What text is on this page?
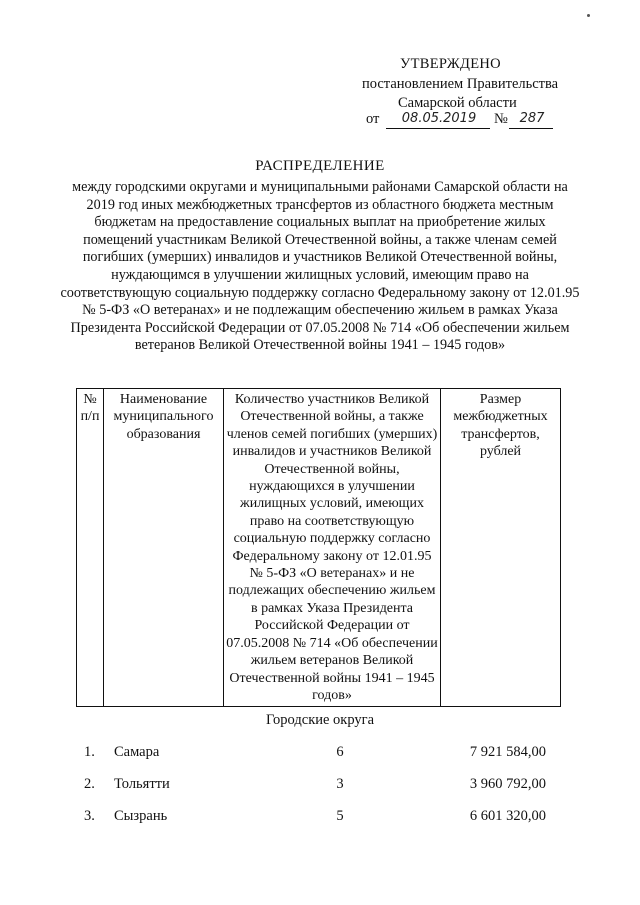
УТВЕРЖДЕНО
постановлением Правительства
Самарской области
от	08.05.2019	№ 287
РАСПРЕДЕЛЕНИЕ
между городскими округами и муниципальными районами Самарской области на 2019 год иных межбюджетных трансфертов из областного бюджета местным бюджетам на предоставление социальных выплат на приобретение жилых помещений участникам Великой Отечественной войны, а также членам семей погибших (умерших) инвалидов и участников Великой Отечественной войны, нуждающимся в улучшении жилищных условий, имеющим право на соответствующую социальную поддержку согласно Федеральному закону от 12.01.95 № 5-ФЗ «О ветеранах» и не подлежащим обеспечению жильем в рамках Указа Президента Российской Федерации от 07.05.2008 № 714 «Об обеспечении жильем ветеранов Великой Отечественной войны 1941 – 1945 годов»
№ п/п	Наименование муниципального образования	Количество участников Великой Отечественной войны, а также членов семей погибших (умерших) инвалидов и участников Великой Отечественной войны, нуждающихся в улучшении жилищных условий, имеющих право на соответствующую социальную поддержку согласно Федеральному закону от 12.01.95 № 5-ФЗ «О ветеранах» и не подлежащих обеспечению жильем в рамках Указа Президента Российской Федерации от 07.05.2008 № 714 «Об обеспечении жильем ветеранов Великой Отечественной войны 1941 – 1945 годов»	Размер межбюджетных трансфертов, рублей
Городские округа
1. Самара	6	7 921 584,00
2. Тольятти	3	3 960 792,00
3. Сызрань	5	6 601 320,00
